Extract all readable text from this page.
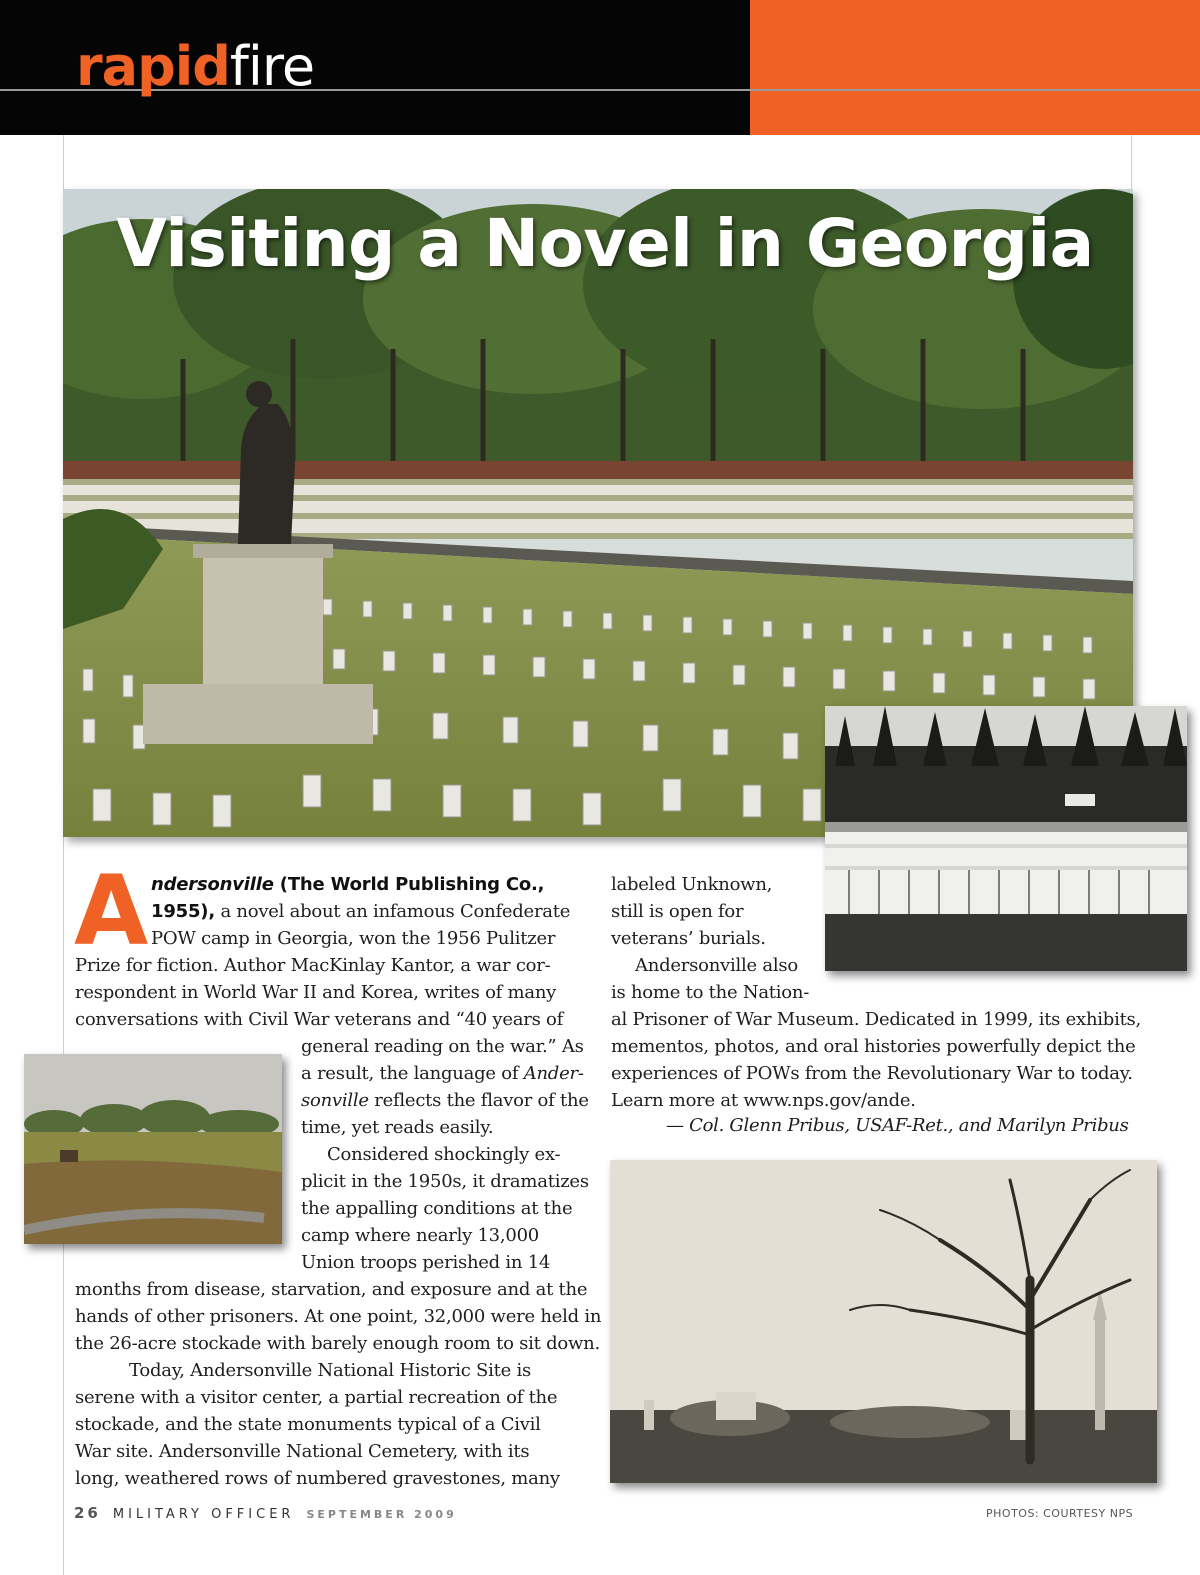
rapidfire
Visiting a Novel in Georgia
A ndersonville (The World Publishing Co.,
1955), a novel about an infamous Confederate
POW camp in Georgia, won the 1956 Pulitzer
Prize for fiction. Author MacKinlay Kantor, a war cor-
respondent in World War II and Korea, writes of many
conversations with Civil War veterans and “40 years of
general reading on the war.” As
a result, the language of Ander-
sonville reflects the flavor of the
time, yet reads easily.
Considered shockingly ex-
plicit in the 1950s, it dramatizes
the appalling conditions at the
camp where nearly 13,000
Union troops perished in 14
months from disease, starvation, and exposure and at the
hands of other prisoners. At one point, 32,000 were held in
the 26-acre stockade with barely enough room to sit down.
Today, Andersonville National Historic Site is
serene with a visitor center, a partial recreation of the
stockade, and the state monuments typical of a Civil
War site. Andersonville National Cemetery, with its
long, weathered rows of numbered gravestones, many
labeled Unknown,
still is open for
veterans’ burials.
Andersonville also
is home to the Nation-
al Prisoner of War Museum. Dedicated in 1999, its exhibits,
mementos, photos, and oral histories powerfully depict the
experiences of POWs from the Revolutionary War to today.
Learn more at www.nps.gov/ande.
— Col. Glenn Pribus, USAF-Ret., and Marilyn Pribus
26 MILITARY OFFICER SEPTEMBER 2009	PHOTOS: COURTESY NPS
